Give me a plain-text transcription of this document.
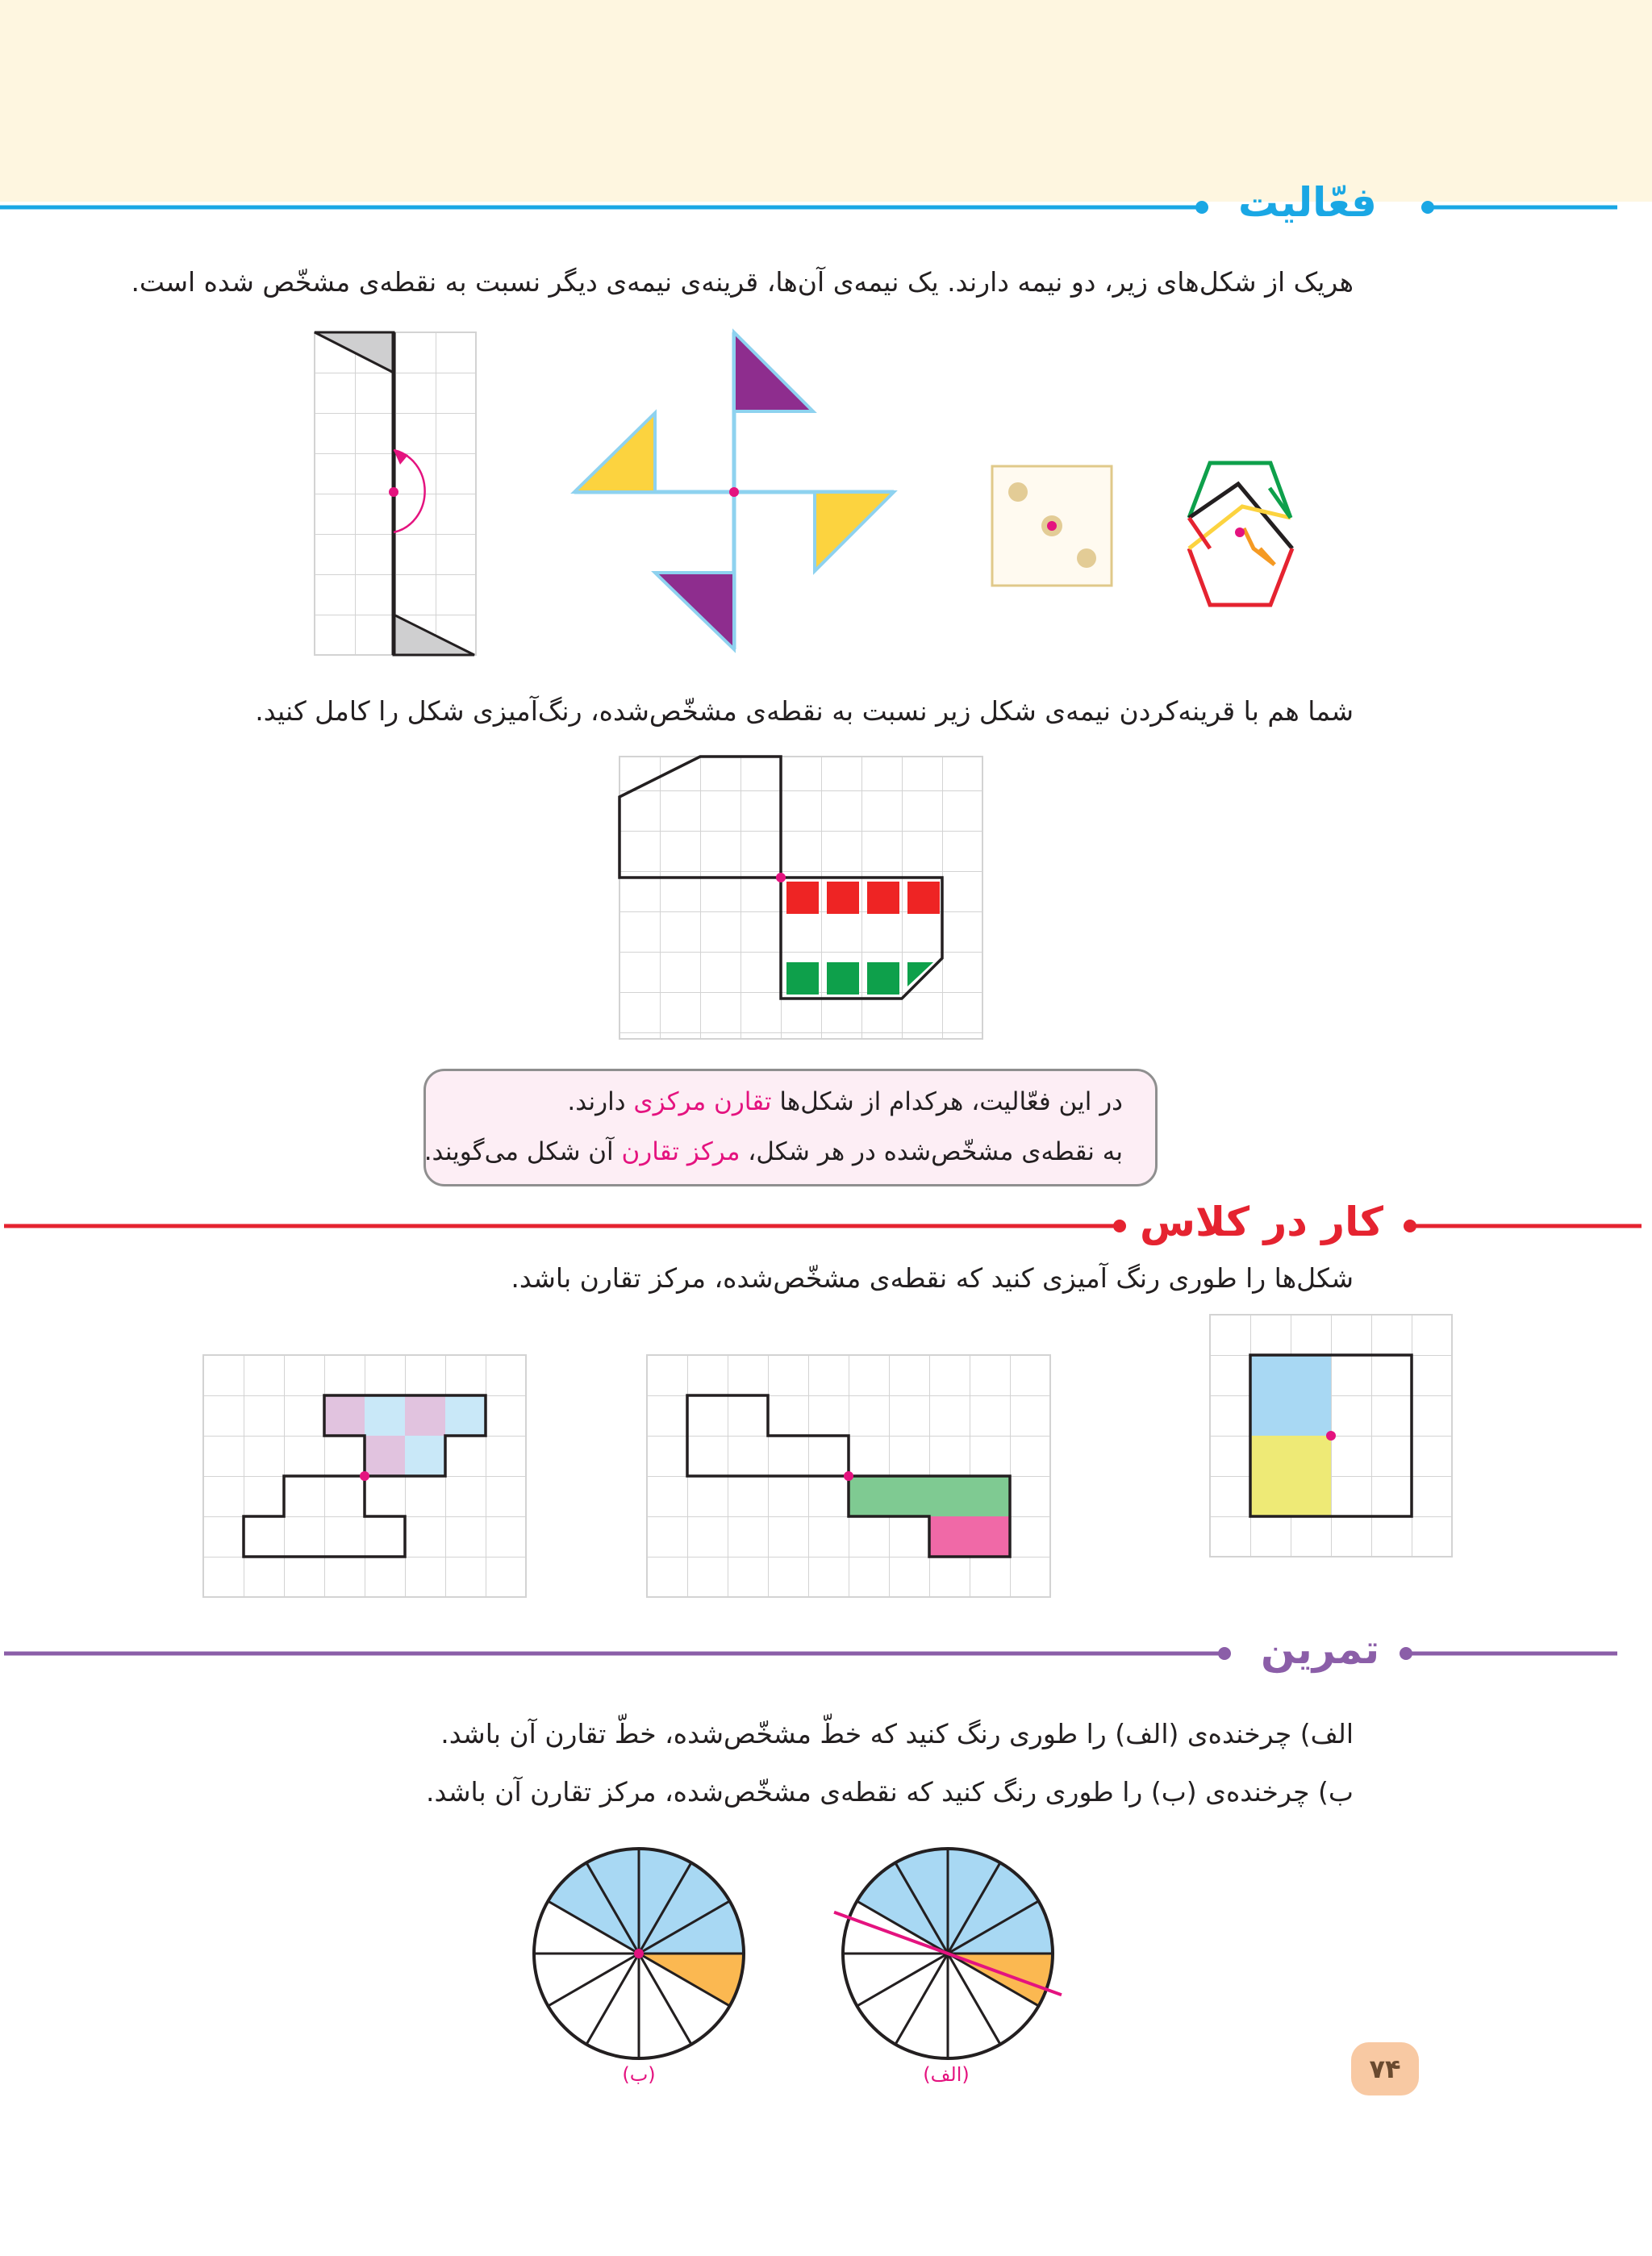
فعّالیت
هریک از شکل‌های زیر، دو نیمه دارند. یک نیمه‌ی آن‌ها، قرینه‌ی نیمه‌ی دیگر نسبت به نقطه‌ی مشخّص شده است.
شما هم با قرینه‌کردن نیمه‌ی شکل زیر نسبت به نقطه‌ی مشخّص‌شده، رنگ‌آمیزی شکل را کامل کنید.
در این فعّالیت، هرکدام از شکل‌ها تقارن مرکزی دارند.
به نقطه‌ی مشخّص‌شده در هر شکل، مرکز تقارن آن شکل می‌گویند.
کار در کلاس
شکل‌ها را طوری رنگ آمیزی کنید که نقطه‌ی مشخّص‌شده، مرکز تقارن باشد.
تمرین
الف) چرخنده‌ی (الف) را طوری رنگ کنید که خطّ مشخّص‌شده، خطّ تقارن آن باشد.
ب) چرخنده‌ی (ب) را طوری رنگ کنید که نقطه‌ی مشخّص‌شده، مرکز تقارن آن باشد.
(الف)
(ب)	۷۴
